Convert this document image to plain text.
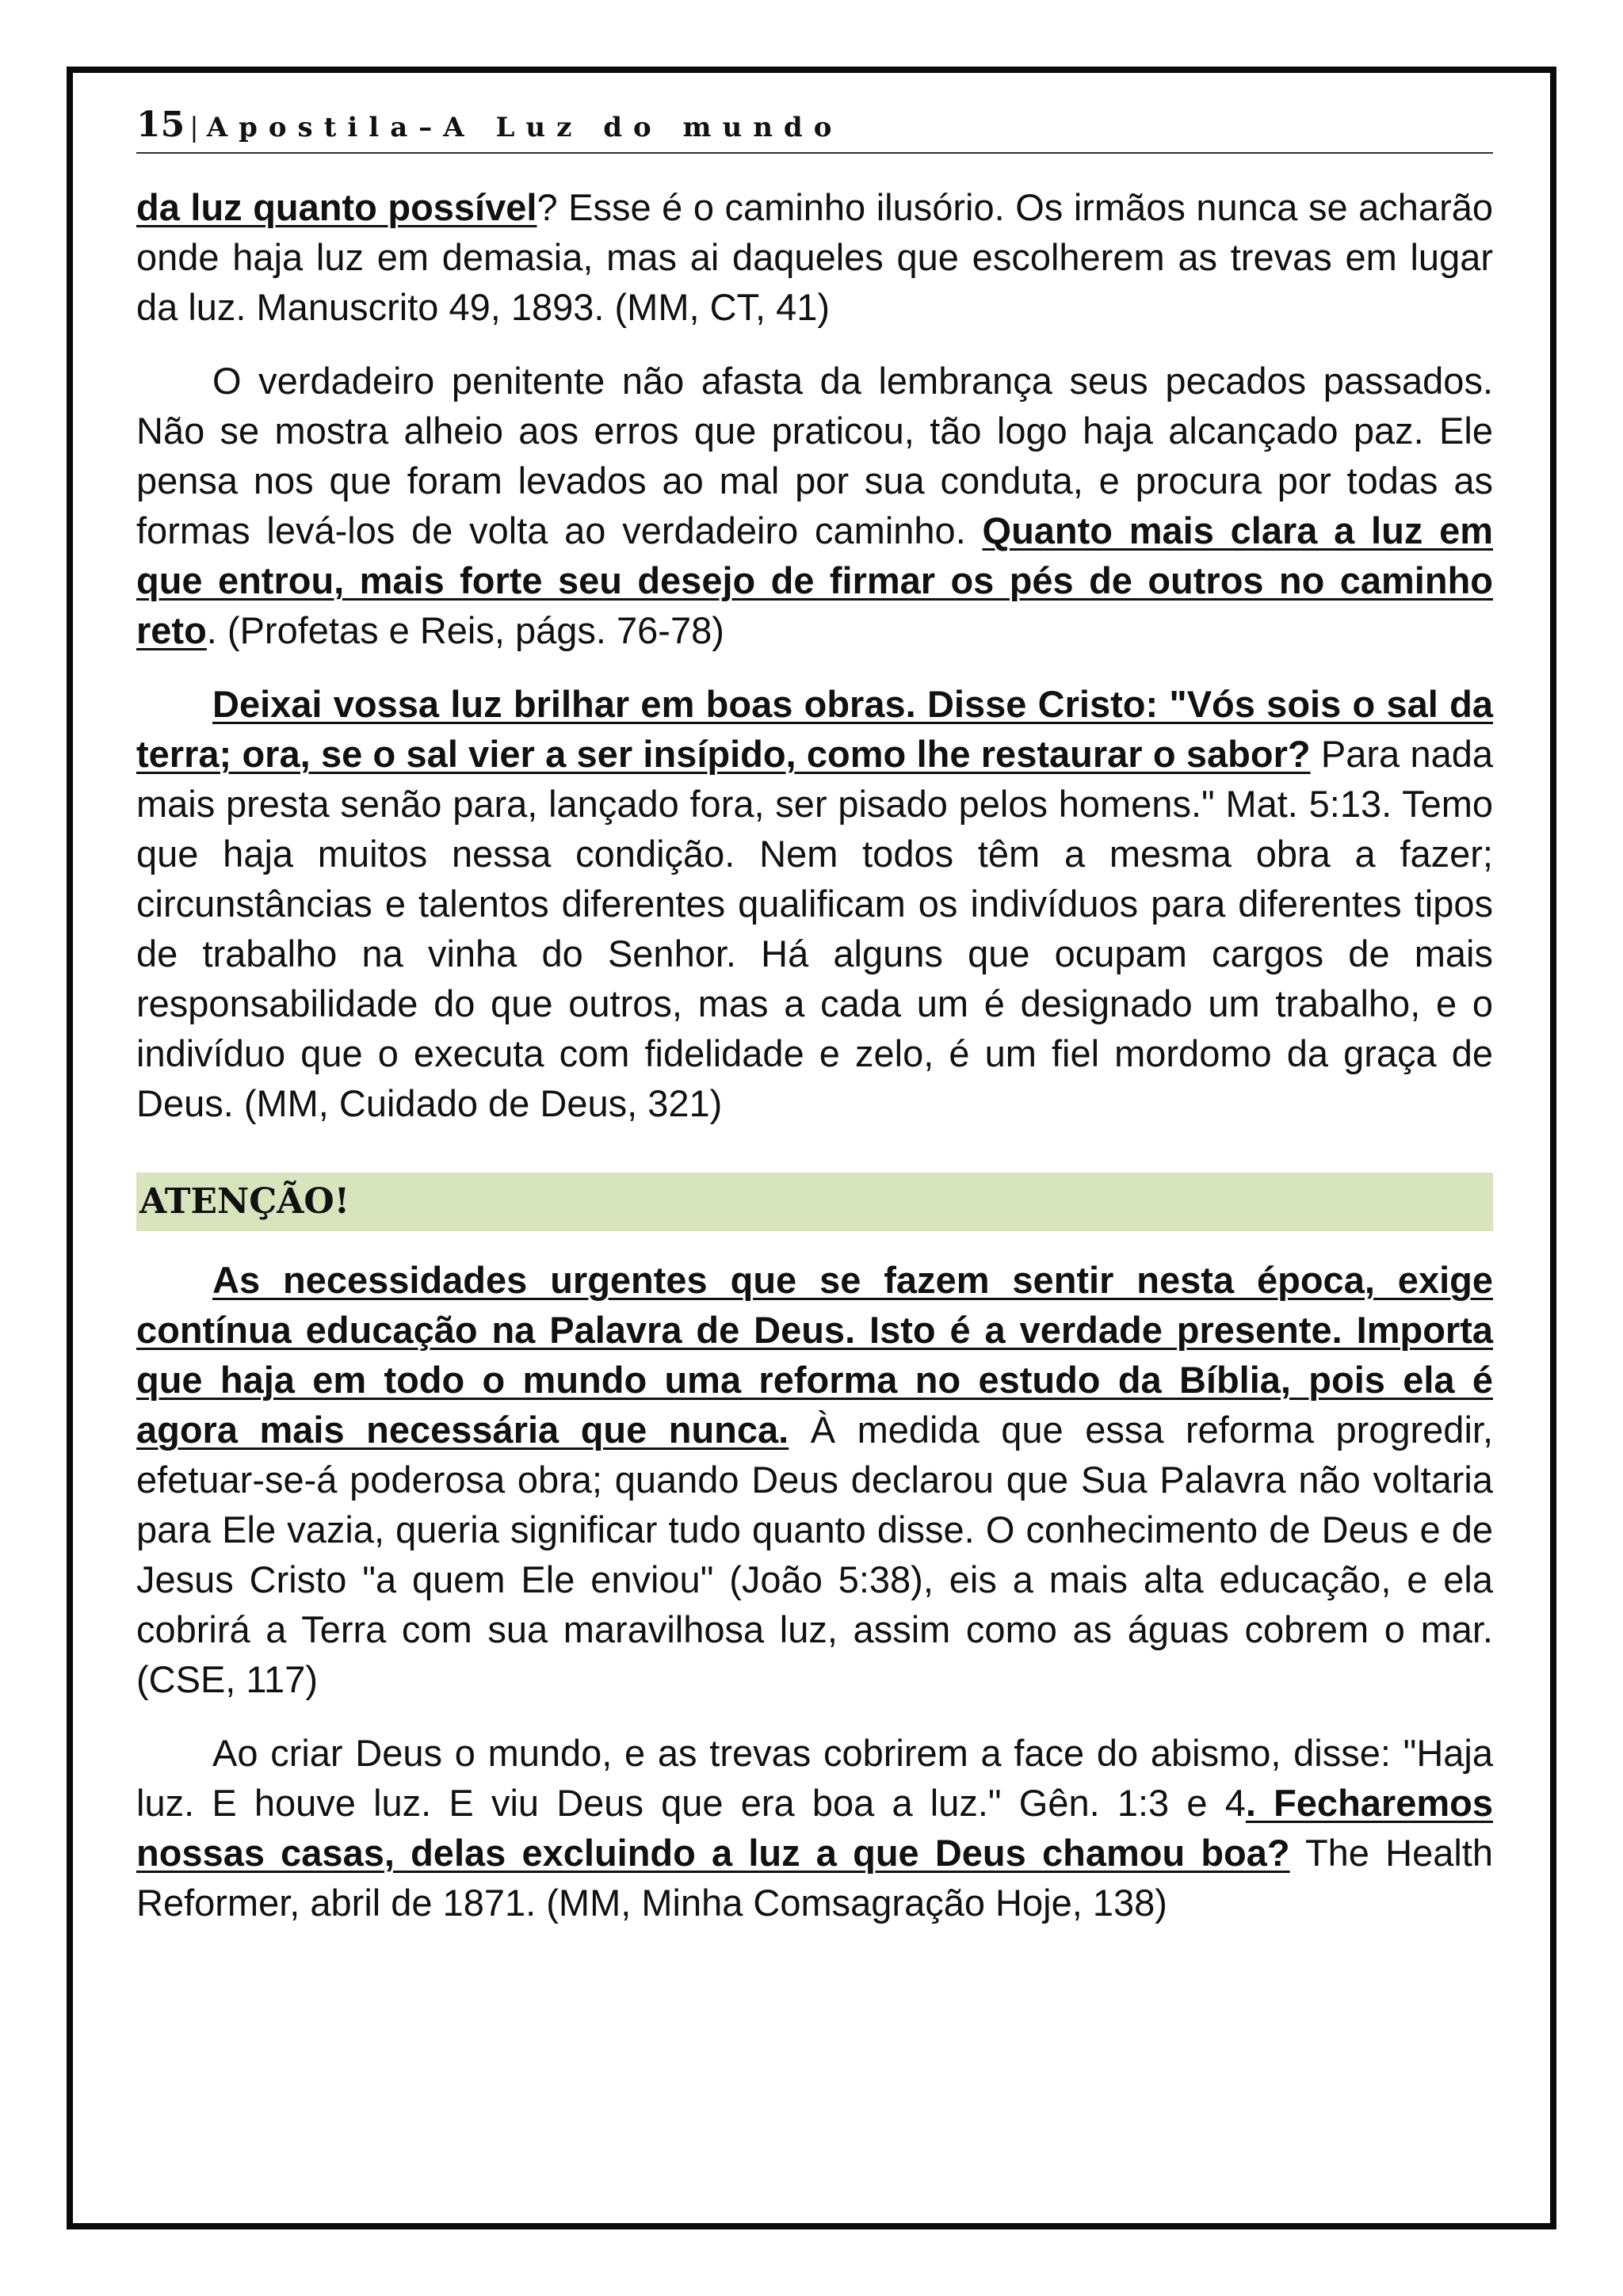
15 | Apostila–A Luz do mundo

da luz quanto possível? Esse é o caminho ilusório. Os irmãos nunca se acharão onde haja luz em demasia, mas ai daqueles que escolherem as trevas em lugar da luz. Manuscrito 49, 1893. (MM, CT, 41)

O verdadeiro penitente não afasta da lembrança seus pecados passados. Não se mostra alheio aos erros que praticou, tão logo haja alcançado paz. Ele pensa nos que foram levados ao mal por sua conduta, e procura por todas as formas levá-los de volta ao verdadeiro caminho. Quanto mais clara a luz em que entrou, mais forte seu desejo de firmar os pés de outros no caminho reto. (Profetas e Reis, págs. 76-78)

Deixai vossa luz brilhar em boas obras. Disse Cristo: "Vós sois o sal da terra; ora, se o sal vier a ser insípido, como lhe restaurar o sabor? Para nada mais presta senão para, lançado fora, ser pisado pelos homens." Mat. 5:13. Temo que haja muitos nessa condição. Nem todos têm a mesma obra a fazer; circunstâncias e talentos diferentes qualificam os indivíduos para diferentes tipos de trabalho na vinha do Senhor. Há alguns que ocupam cargos de mais responsabilidade do que outros, mas a cada um é designado um trabalho, e o indivíduo que o executa com fidelidade e zelo, é um fiel mordomo da graça de Deus. (MM, Cuidado de Deus, 321)

ATENÇÃO!

As necessidades urgentes que se fazem sentir nesta época, exige contínua educação na Palavra de Deus. Isto é a verdade presente. Importa que haja em todo o mundo uma reforma no estudo da Bíblia, pois ela é agora mais necessária que nunca. À medida que essa reforma progredir, efetuar-se-á poderosa obra; quando Deus declarou que Sua Palavra não voltaria para Ele vazia, queria significar tudo quanto disse. O conhecimento de Deus e de Jesus Cristo "a quem Ele enviou" (João 5:38), eis a mais alta educação, e ela cobrirá a Terra com sua maravilhosa luz, assim como as águas cobrem o mar. (CSE, 117)

Ao criar Deus o mundo, e as trevas cobrirem a face do abismo, disse: "Haja luz. E houve luz. E viu Deus que era boa a luz." Gên. 1:3 e 4. Fecharemos nossas casas, delas excluindo a luz a que Deus chamou boa? The Health Reformer, abril de 1871. (MM, Minha Comsagração Hoje, 138)
